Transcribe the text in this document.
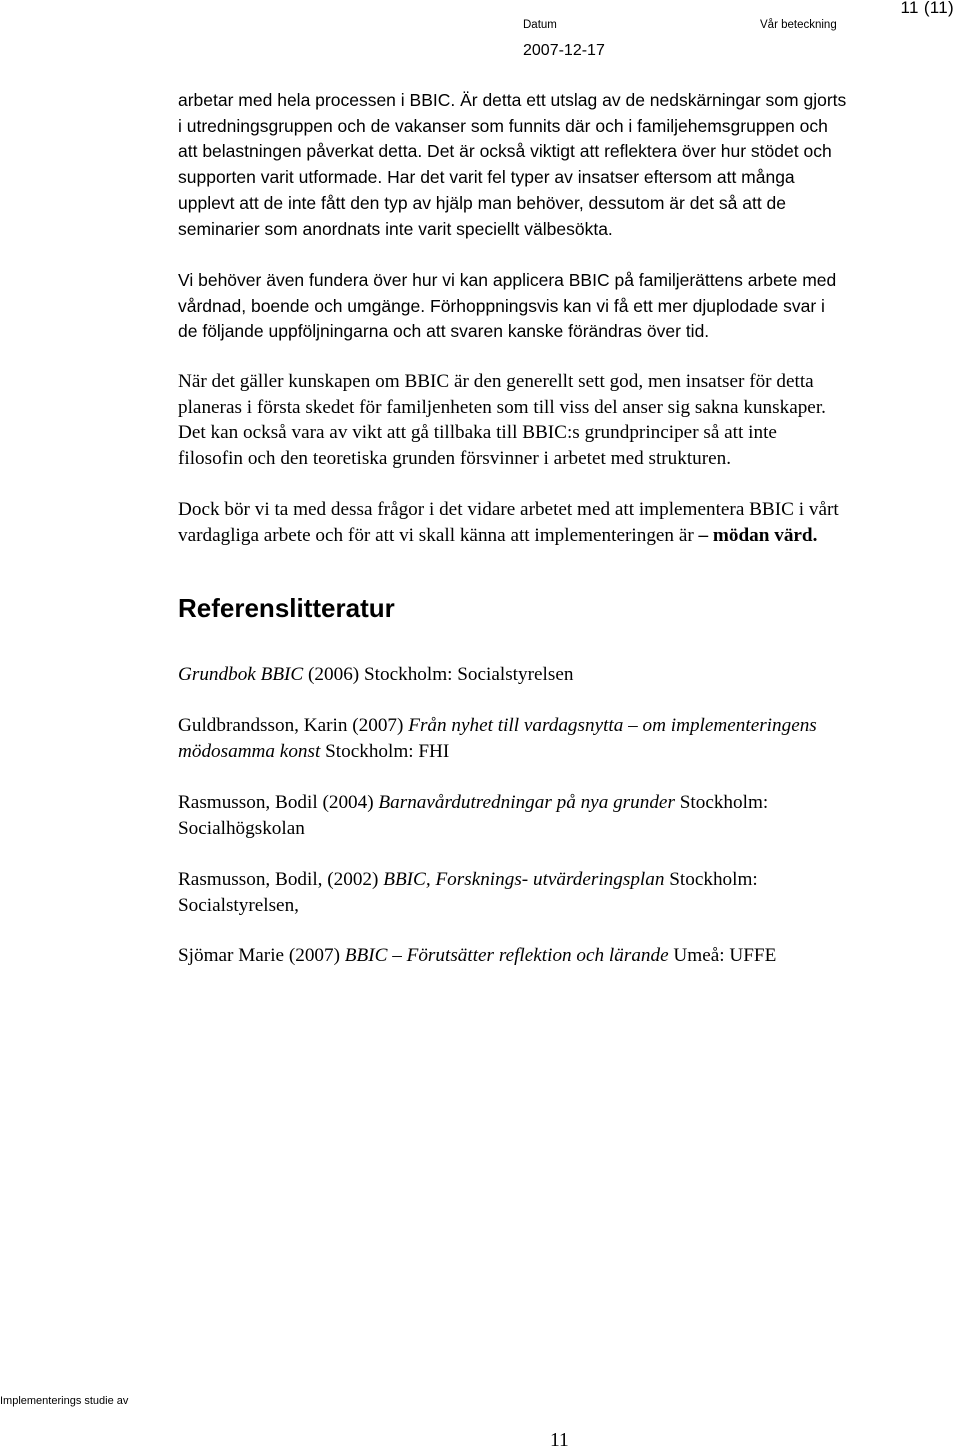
11 (11)
Datum	Vår beteckning
2007-12-17

arbetar med hela processen i BBIC. Är detta ett utslag av de nedskärningar som gjorts
i utredningsgruppen och de vakanser som funnits där och i familjehemsgruppen och
att belastningen påverkat detta. Det är också viktigt att reflektera över hur stödet och
supporten varit utformade. Har det varit fel typer av insatser eftersom att många
upplevt att de inte fått den typ av hjälp man behöver, dessutom är det så att de
seminarier som anordnats inte varit speciellt välbesökta.

Vi behöver även fundera över hur vi kan applicera BBIC på familjerättens arbete med
vårdnad, boende och umgänge. Förhoppningsvis kan vi få ett mer djuplodade svar i
de följande uppföljningarna och att svaren kanske förändras över tid.

När det gäller kunskapen om BBIC är den generellt sett god, men insatser för detta
planeras i första skedet för familjenheten som till viss del anser sig sakna kunskaper.
Det kan också vara av vikt att gå tillbaka till BBIC:s grundprinciper så att inte
filosofin och den teoretiska grunden försvinner i arbetet med strukturen.

Dock bör vi ta med dessa frågor i det vidare arbetet med att implementera BBIC i vårt
vardagliga arbete och för att vi skall känna att implementeringen är – mödan värd.

Referenslitteratur

Grundbok BBIC (2006) Stockholm: Socialstyrelsen

Guldbrandsson, Karin (2007) Från nyhet till vardagsnytta – om implementeringens
mödosamma konst Stockholm: FHI

Rasmusson, Bodil (2004) Barnavårdutredningar på nya grunder Stockholm:
Socialhögskolan

Rasmusson, Bodil, (2002) BBIC, Forsknings- utvärderingsplan Stockholm:
Socialstyrelsen,

Sjömar Marie (2007) BBIC – Förutsätter reflektion och lärande Umeå: UFFE

Implementerings studie av
11
